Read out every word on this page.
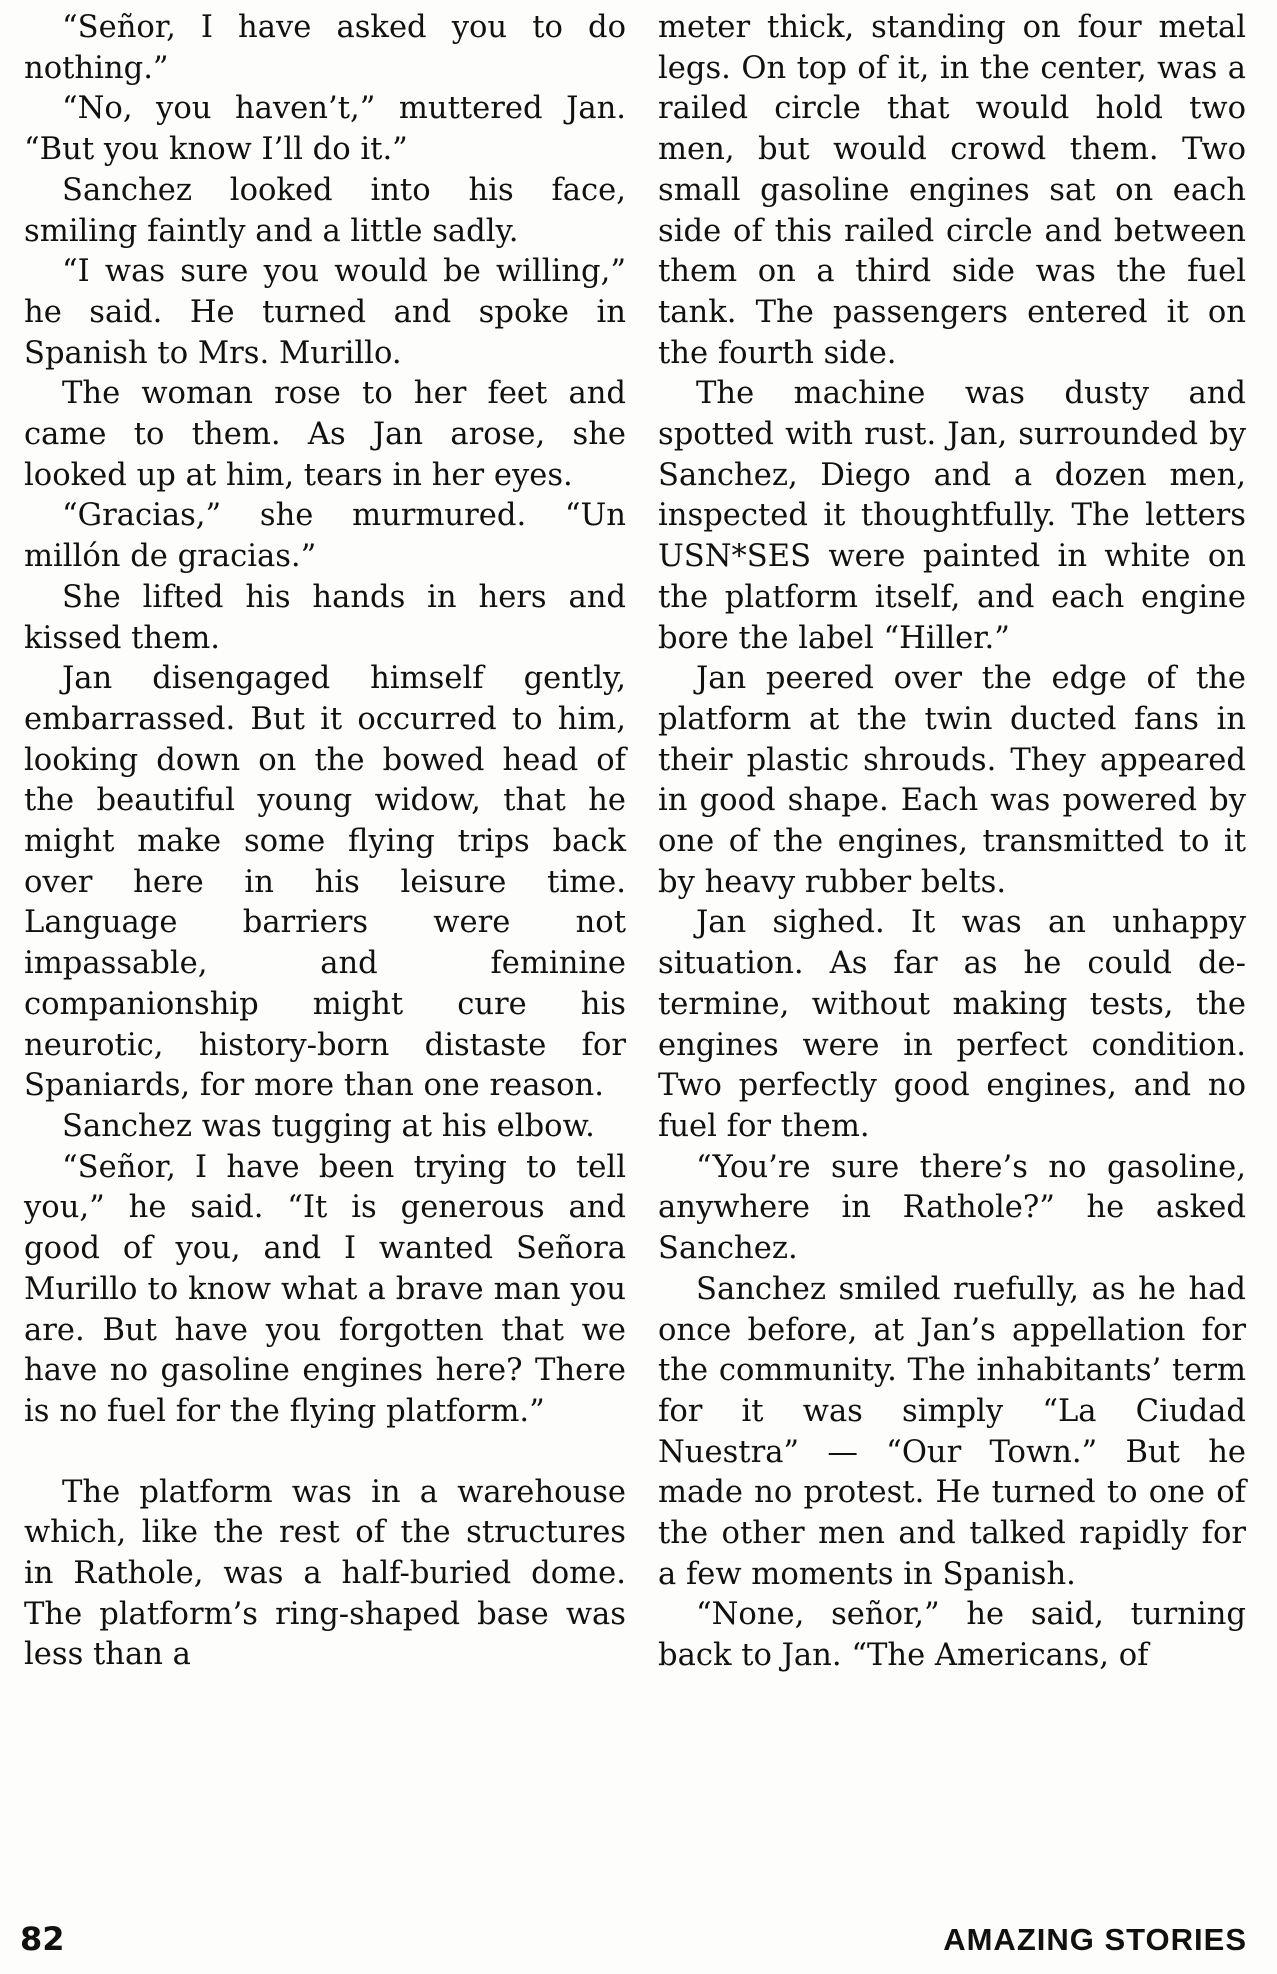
“Señor, I have asked you to do nothing.”

“No, you haven’t,” muttered Jan. “But you know I’ll do it.”

Sanchez looked into his face, smiling faintly and a little sadly.

“I was sure you would be willing,” he said. He turned and spoke in Spanish to Mrs. Murillo.

The woman rose to her feet and came to them. As Jan arose, she looked up at him, tears in her eyes.

“Gracias,” she murmured. “Un millón de gracias.”

She lifted his hands in hers and kissed them.

Jan disengaged himself gently, embarrassed. But it occurred to him, looking down on the bowed head of the beautiful young widow, that he might make some flying trips back over here in his leisure time. Language barriers were not impassable, and feminine companionship might cure his neurotic, history-born distaste for Spaniards, for more than one reason.

Sanchez was tugging at his elbow.

“Señor, I have been trying to tell you,” he said. “It is generous and good of you, and I wanted Señora Murillo to know what a brave man you are. But have you forgotten that we have no gasoline engines here? There is no fuel for the flying platform.”

The platform was in a warehouse which, like the rest of the structures in Rathole, was a half-buried dome. The platform’s ring-shaped base was less than a

meter thick, standing on four metal legs. On top of it, in the center, was a railed circle that would hold two men, but would crowd them. Two small gasoline engines sat on each side of this railed circle and between them on a third side was the fuel tank. The passengers entered it on the fourth side.

The machine was dusty and spotted with rust. Jan, surrounded by Sanchez, Diego and a dozen men, inspected it thoughtfully. The letters USN*SES were painted in white on the platform itself, and each engine bore the label “Hiller.”

Jan peered over the edge of the platform at the twin ducted fans in their plastic shrouds. They appeared in good shape. Each was powered by one of the engines, transmitted to it by heavy rubber belts.

Jan sighed. It was an unhappy situation. As far as he could determine, without making tests, the engines were in perfect condition. Two perfectly good engines, and no fuel for them.

“You’re sure there’s no gasoline, anywhere in Rathole?” he asked Sanchez.

Sanchez smiled ruefully, as he had once before, at Jan’s appellation for the community. The inhabitants’ term for it was simply “La Ciudad Nuestra” — “Our Town.” But he made no protest. He turned to one of the other men and talked rapidly for a few moments in Spanish.

“None, señor,” he said, turning back to Jan. “The Americans, of

82	AMAZING STORIES
